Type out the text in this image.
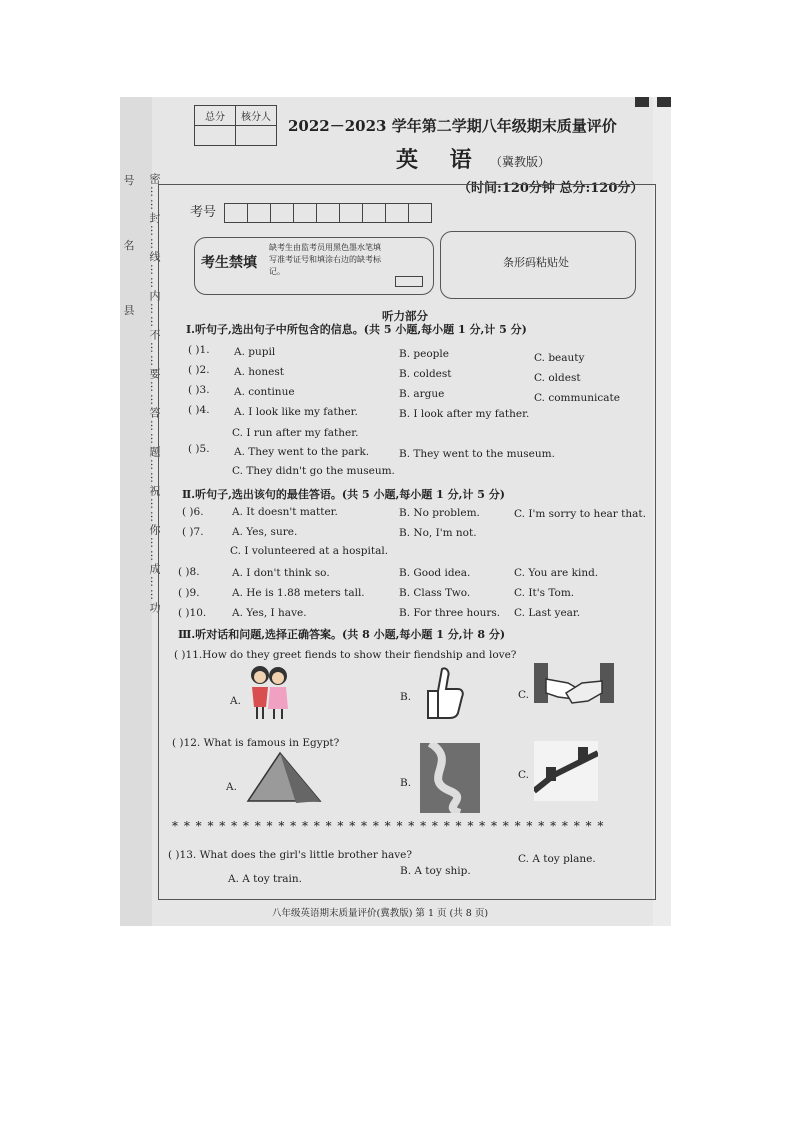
号
名
县 密……封……线……内……不……要……答……题……祝……你……成……功

总分	核分人
	2022－2023 学年第二学期八年级期末质量评价
英 语 （冀教版）
（时间:120分钟 总分:120分）
考号
考生禁填
缺考生由监考员用黑色墨水笔填写准考证号和填涂右边的缺考标记。
条形码粘贴处
听力部分
Ⅰ.听句子,选出句子中所包含的信息。(共 5 小题,每小题 1 分,计 5 分)
( )1. A. pupil	B. people	C. beauty
( )2. A. honest	B. coldest	C. oldest
( )3. A. continue	B. argue	C. communicate
( )4. A. I look like my father.	B. I look after my father.
C. I run after my father.
( )5. A. They went to the park.	B. They went to the museum.
C. They didn't go the museum.
Ⅱ.听句子,选出该句的最佳答语。(共 5 小题,每小题 1 分,计 5 分)
( )6.	A. It doesn't matter.	B. No problem.	C. I'm sorry to hear that.
( )7.	A. Yes, sure.	B. No, I'm not.
C. I volunteered at a hospital.
( )8.	A. I don't think so.	B. Good idea.	C. You are kind.
( )9.	A. He is 1.88 meters tall.	B. Class Two.	C. It's Tom.
( )10. A. Yes, I have.	B. For three hours. C. Last year.
Ⅲ.听对话和问题,选择正确答案。(共 8 小题,每小题 1 分,计 8 分)
( )11.How do they greet fiends to show their fiendship and love?
A.	B.	C.
( )12. What is famous in Egypt?
A.	B.
C.
* * * * * * * * * * * * * * * * * * * * * * * * * * * * * * * * * * * * *
( )13. What does the girl's little brother have?
A. A toy train.
B. A toy ship.
C. A toy plane.
八年级英语期末质量评价(冀教版) 第 1 页 (共 8 页)
